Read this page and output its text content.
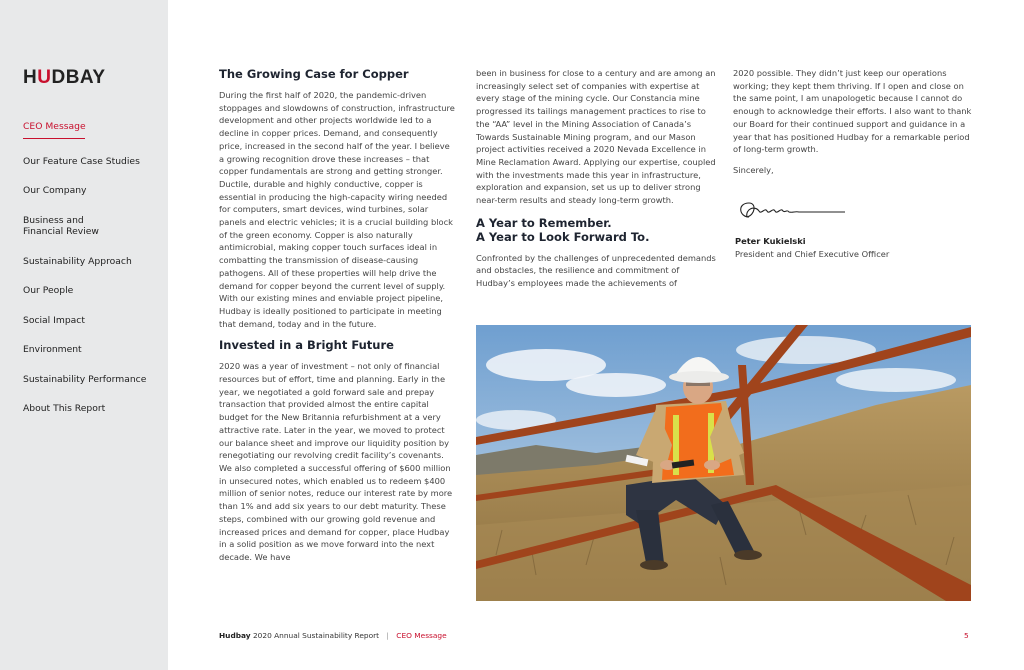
HUDBAY
CEO Message
Our Feature Case Studies
Our Company
Business and
Financial Review
Sustainability Approach
Our People
Social Impact
Environment
Sustainability Performance
About This Report
The Growing Case for Copper

During the first half of 2020, the pandemic-driven stoppages and slowdowns of construction, infrastructure development and other projects worldwide led to a decline in copper prices. Demand, and consequently price, increased in the second half of the year. I believe a growing recognition drove these increases – that copper fundamentals are strong and getting stronger. Ductile, durable and highly conductive, copper is essential in producing the high-capacity wiring needed for computers, smart devices, wind turbines, solar panels and electric vehicles; it is a crucial building block of the green economy. Copper is also naturally antimicrobial, making copper touch surfaces ideal in combatting the transmission of disease-causing pathogens. All of these properties will help drive the demand for copper beyond the current level of supply. With our existing mines and enviable project pipeline, Hudbay is ideally positioned to participate in meeting that demand, today and in the future.

Invested in a Bright Future

2020 was a year of investment – not only of financial resources but of effort, time and planning. Early in the year, we negotiated a gold forward sale and prepay transaction that provided almost the entire capital budget for the New Britannia refurbishment at a very attractive rate. Later in the year, we moved to protect our balance sheet and improve our liquidity position by renegotiating our revolving credit facility’s covenants. We also completed a successful offering of $600 million in unsecured notes, which enabled us to redeem $400 million of senior notes, reduce our interest rate by more than 1% and add six years to our debt maturity. These steps, combined with our growing gold revenue and increased prices and demand for copper, place Hudbay in a solid position as we move forward into the next decade. We have

been in business for close to a century and are among an increasingly select set of companies with expertise at every stage of the mining cycle. Our Constancia mine progressed its tailings management practices to rise to the “AA” level in the Mining Association of Canada’s Towards Sustainable Mining program, and our Mason project activities received a 2020 Nevada Excellence in Mine Reclamation Award. Applying our expertise, coupled with the investments made this year in infrastructure, exploration and expansion, set us up to deliver strong near-term results and steady long-term growth.

A Year to Remember.
A Year to Look Forward To.

Confronted by the challenges of unprecedented demands and obstacles, the resilience and commitment of Hudbay’s employees made the achievements of

2020 possible. They didn’t just keep our operations working; they kept them thriving. If I open and close on the same point, I am unapologetic because I cannot do enough to acknowledge their efforts. I also want to thank our Board for their continued support and guidance in a year that has positioned Hudbay for a remarkable period of long-term growth.

Sincerely,

Peter Kukielski
President and Chief Executive Officer
Hudbay 2020 Annual Sustainability Report | CEO Message	5
